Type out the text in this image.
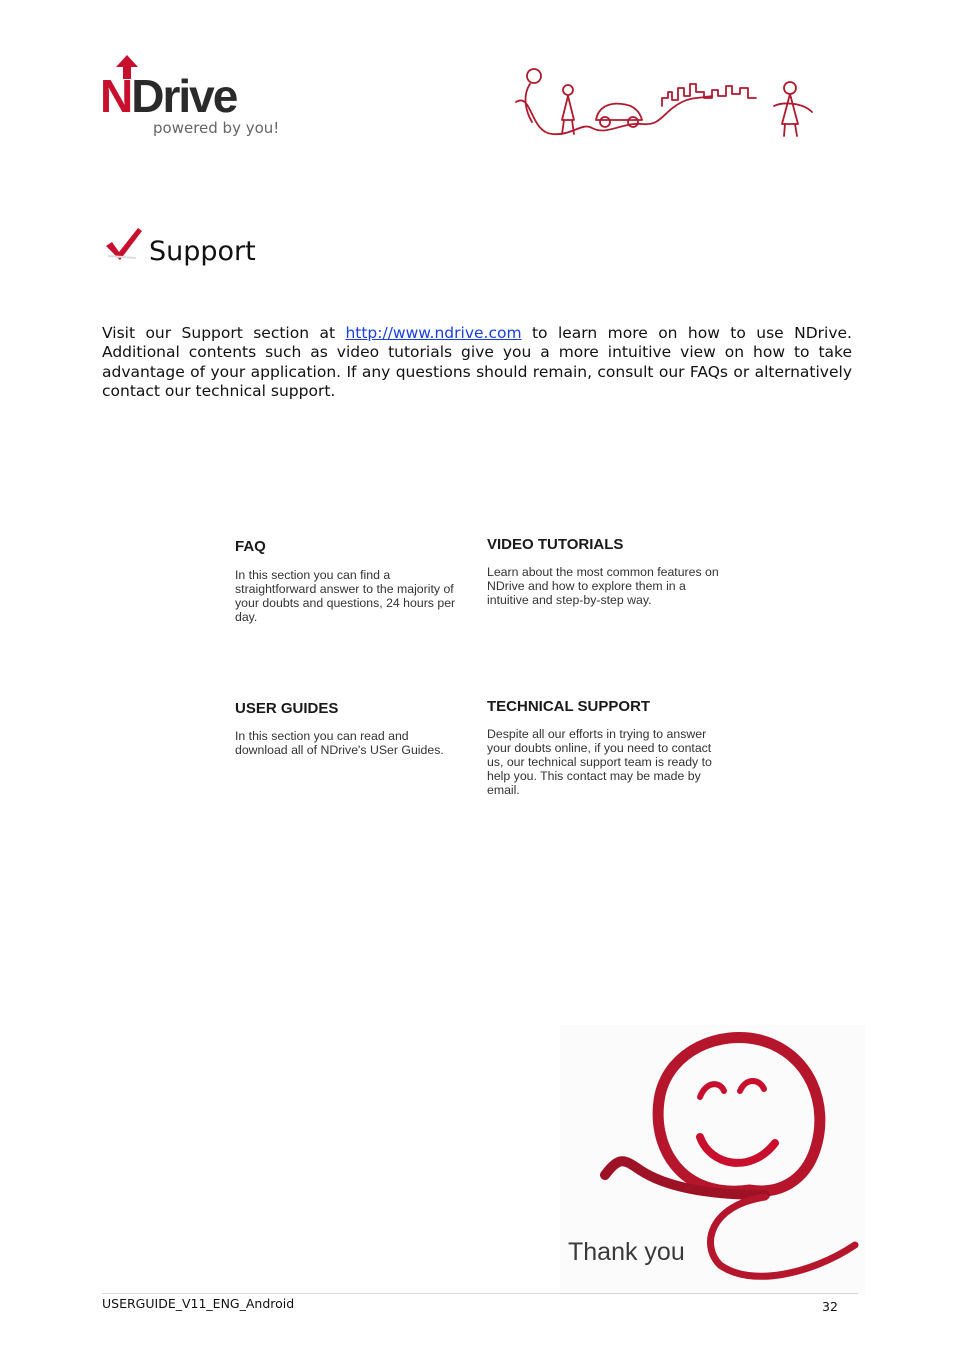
NDrive
powered by you!
Support

Visit our Support section at http://www.ndrive.com to learn more on how to use NDrive. Additional contents such as video tutorials give you a more intuitive view on how to take advantage of your application. If any questions should remain, consult our FAQs or alternatively contact our technical support.

FAQ

In this section you can find a straightforward answer to the majority of your doubts and questions, 24 hours per day.

VIDEO TUTORIALS

Learn about the most common features on NDrive and how to explore them in a intuitive and step-by-step way.

USER GUIDES

In this section you can read and download all of NDrive's USer Guides.

TECHNICAL SUPPORT

Despite all our efforts in trying to answer your doubts online, if you need to contact us, our technical support team is ready to help you. This contact may be made by email.

Thank you
USERGUIDE_V11_ENG_Android	32
